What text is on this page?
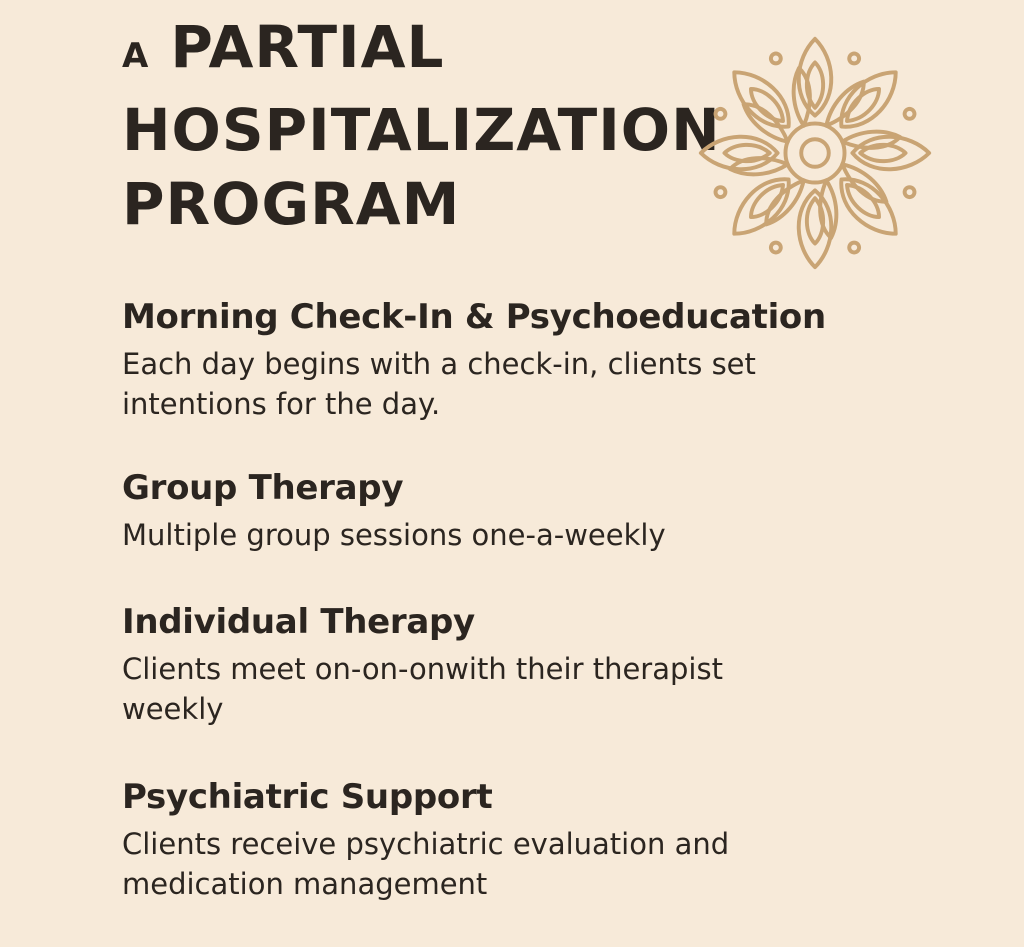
A PARTIAL
HOSPITALIZATION
PROGRAM
Morning Check-In & Psychoeducation

Each day begins with a check-in, clients set intentions for the day.

Group Therapy

Multiple group sessions one-a-weekly

Individual Therapy

Clients meet on-on-onwith their therapist weekly

Psychiatric Support

Clients receive psychiatric evaluation and medication management
